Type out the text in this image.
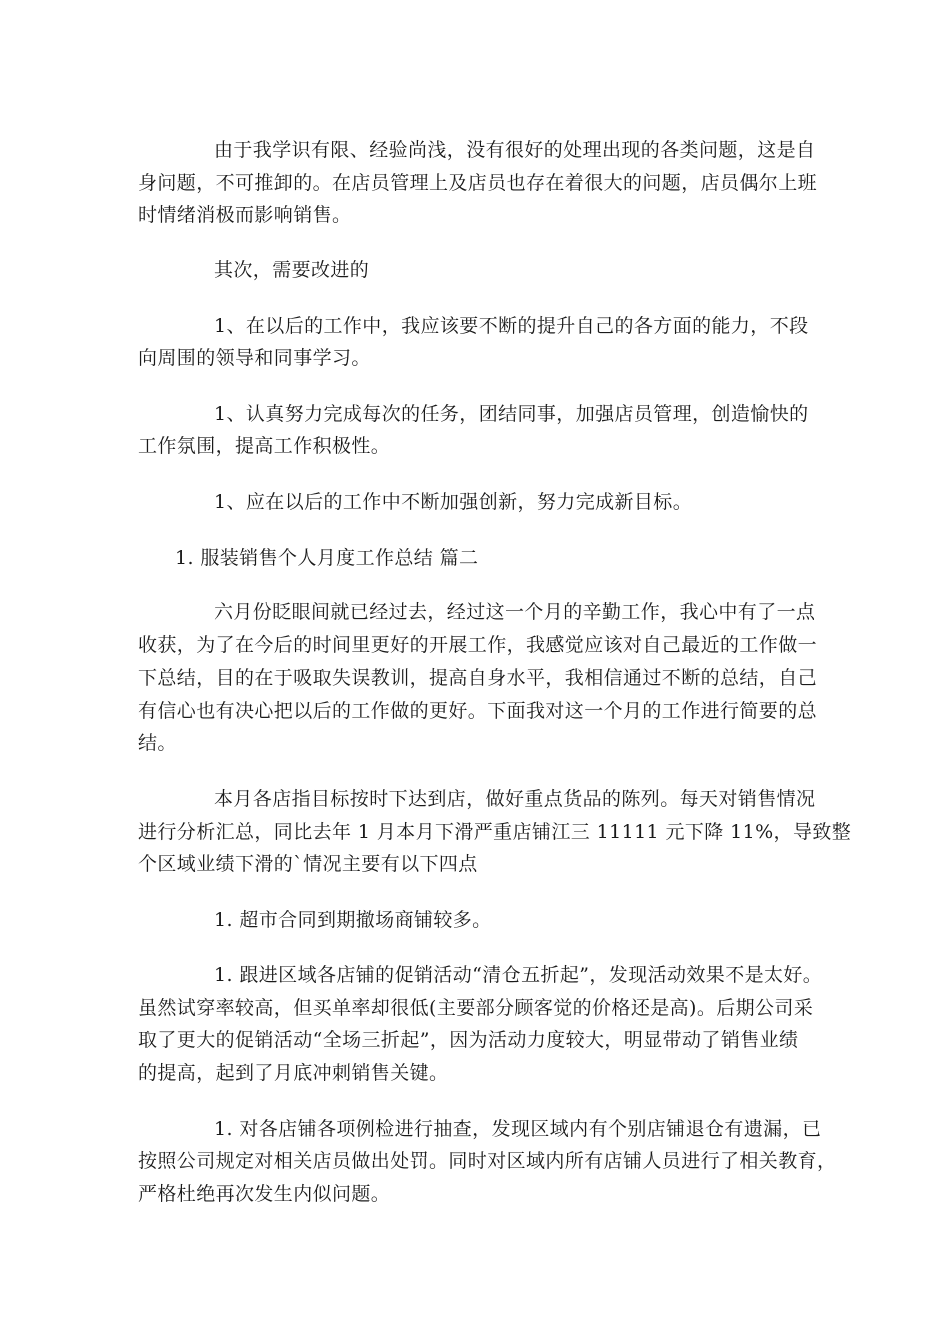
由于我学识有限、经验尚浅，没有很好的处理出现的各类问题，这是自
身问题，不可推卸的。在店员管理上及店员也存在着很大的问题，店员偶尔上班
时情绪消极而影响销售。
其次，需要改进的
1、在以后的工作中，我应该要不断的提升自己的各方面的能力，不段
向周围的领导和同事学习。
1、认真努力完成每次的任务，团结同事，加强店员管理，创造愉快的
工作氛围，提高工作积极性。
1、应在以后的工作中不断加强创新，努力完成新目标。
1. 服装销售个人月度工作总结 篇二
六月份眨眼间就已经过去，经过这一个月的辛勤工作，我心中有了一点
收获，为了在今后的时间里更好的开展工作，我感觉应该对自己最近的工作做一
下总结，目的在于吸取失误教训，提高自身水平，我相信通过不断的总结，自己
有信心也有决心把以后的工作做的更好。下面我对这一个月的工作进行简要的总
结。
本月各店指目标按时下达到店，做好重点货品的陈列。每天对销售情况
进行分析汇总，同比去年 1 月本月下滑严重店铺江三 11111 元下降 11%，导致整
个区域业绩下滑的`情况主要有以下四点
1. 超市合同到期撤场商铺较多。
1. 跟进区域各店铺的促销活动“清仓五折起”，发现活动效果不是太好。
虽然试穿率较高，但买单率却很低(主要部分顾客觉的价格还是高)。后期公司采
取了更大的促销活动“全场三折起”，因为活动力度较大，明显带动了销售业绩
的提高，起到了月底冲刺销售关键。
1. 对各店铺各项例检进行抽查，发现区域内有个别店铺退仓有遗漏，已
按照公司规定对相关店员做出处罚。同时对区域内所有店铺人员进行了相关教育，
严格杜绝再次发生内似问题。
